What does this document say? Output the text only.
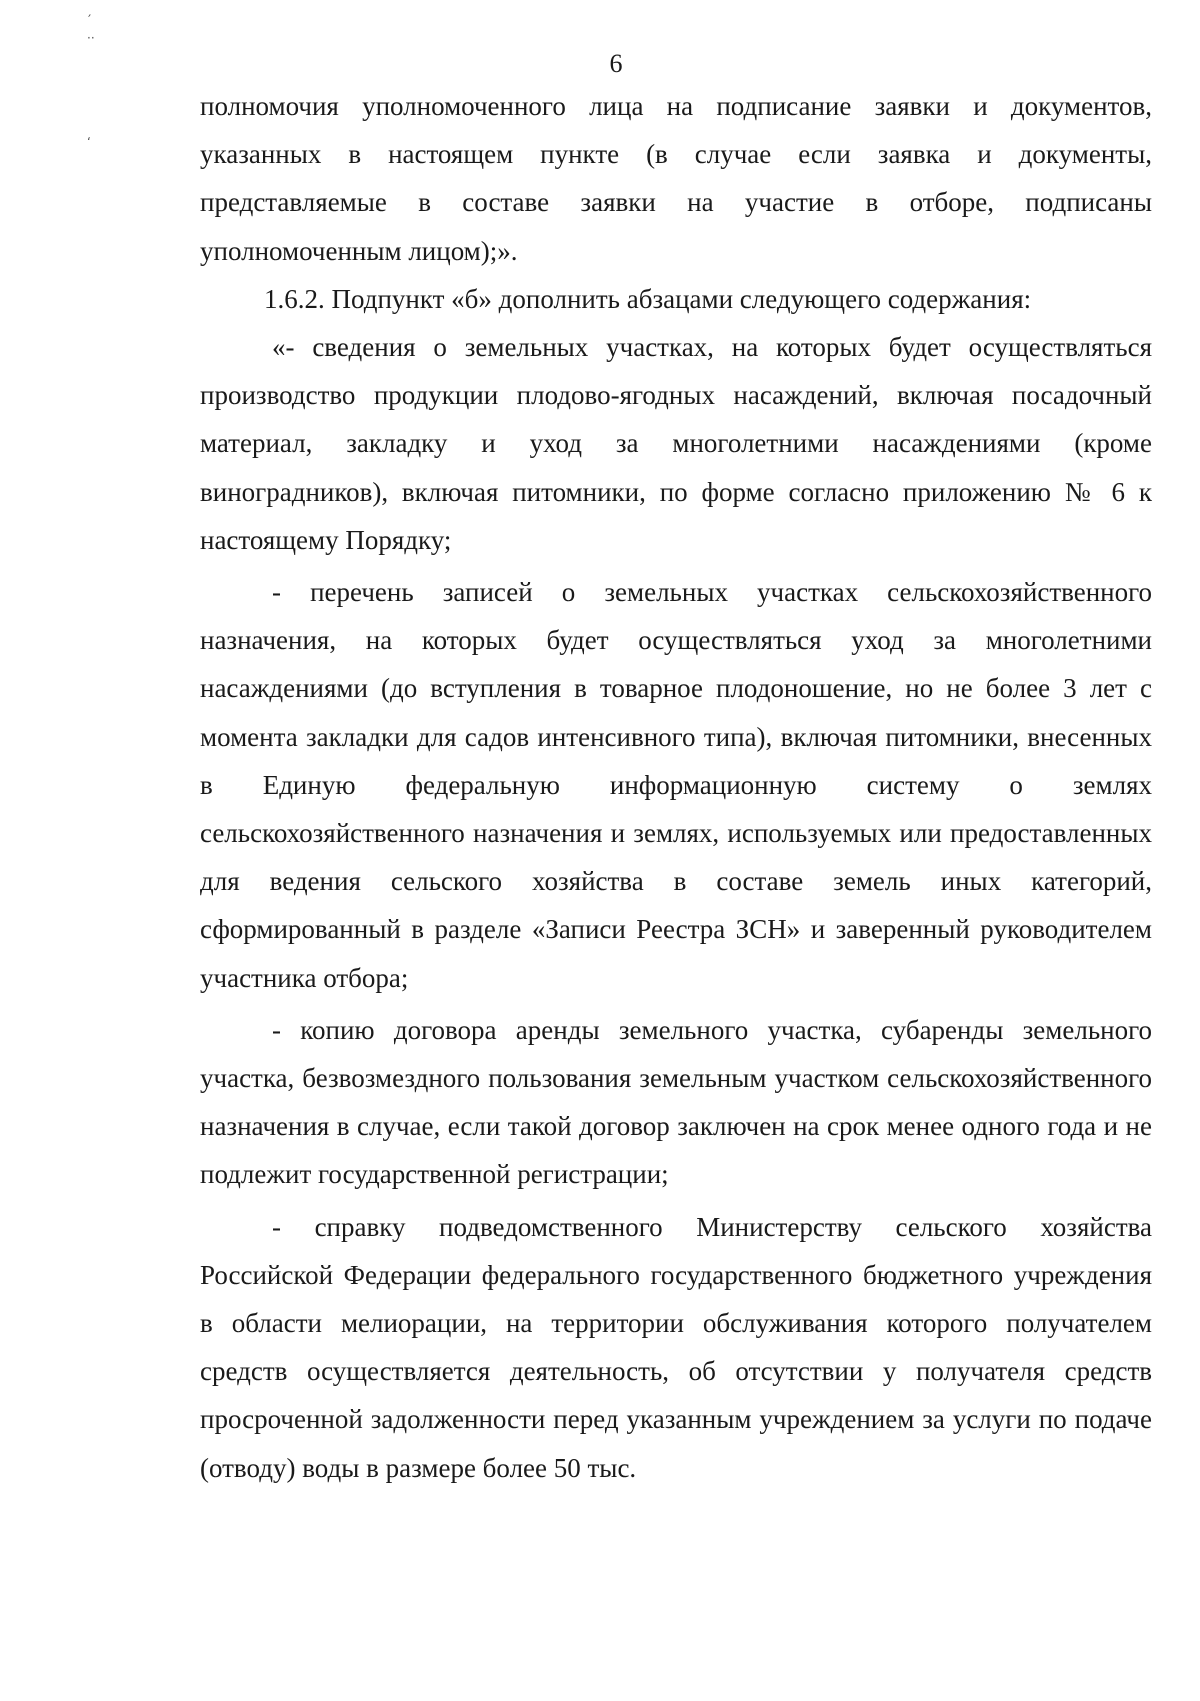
′
··
‘
6

полномочия уполномоченного лица на подписание заявки и документов, указанных в настоящем пункте (в случае если заявка и документы, представляемые в составе заявки на участие в отборе, подписаны уполномоченным лицом);».

1.6.2. Подпункт «б» дополнить абзацами следующего содержания:

«- сведения о земельных участках, на которых будет осуществляться производство продукции плодово-ягодных насаждений, включая посадочный материал, закладку и уход за многолетними насаждениями (кроме виноградников), включая питомники, по форме согласно приложению № 6 к настоящему Порядку;

- перечень записей о земельных участках сельскохозяйственного назначения, на которых будет осуществляться уход за многолетними насаждениями (до вступления в товарное плодоношение, но не более 3 лет с момента закладки для садов интенсивного типа), включая питомники, внесенных в Единую федеральную информационную систему о землях сельскохозяйственного назначения и землях, используемых или предоставленных для ведения сельского хозяйства в составе земель иных категорий, сформированный в разделе «Записи Реестра ЗСН» и заверенный руководителем участника отбора;

- копию договора аренды земельного участка, субаренды земельного участка, безвозмездного пользования земельным участком сельскохозяйственного назначения в случае, если такой договор заключен на срок менее одного года и не подлежит государственной регистрации;

- справку подведомственного Министерству сельского хозяйства Российской Федерации федерального государственного бюджетного учреждения в области мелиорации, на территории обслуживания которого получателем средств осуществляется деятельность, об отсутствии у получателя средств просроченной задолженности перед указанным учреждением за услуги по подаче (отводу) воды в размере более 50 тыс.
